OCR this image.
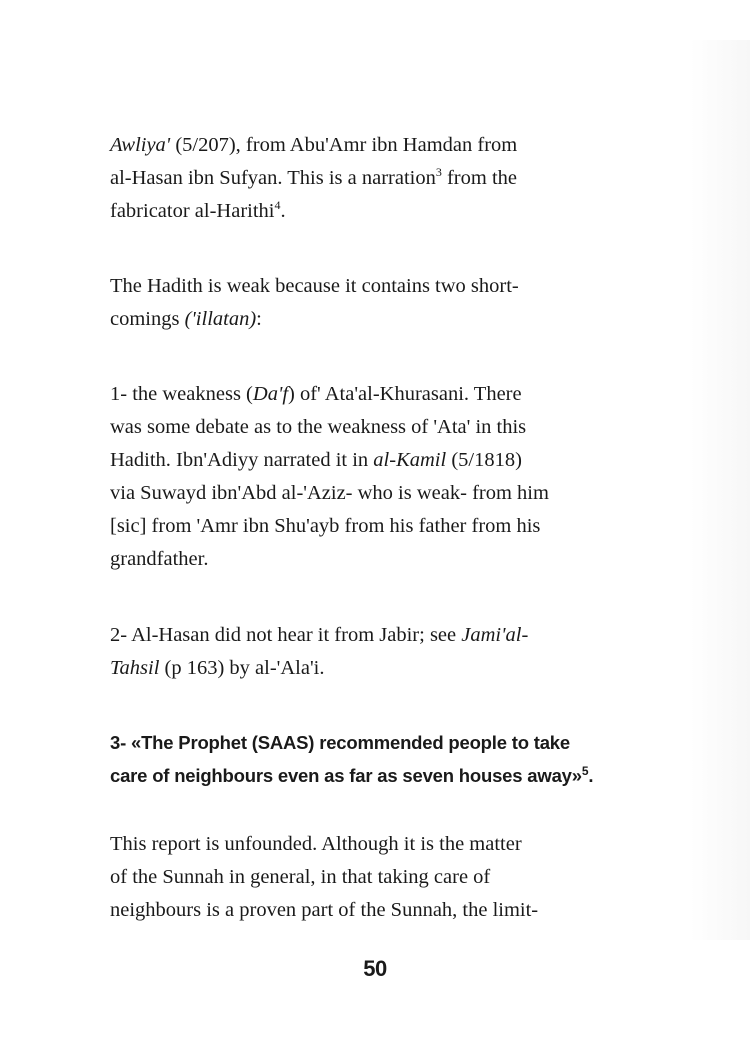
Awliya' (5/207), from Abu'Amr ibn Hamdan from
al-Hasan ibn Sufyan. This is a narration$^3$ from the
fabricator al-Harithi$^4$.
The Hadith is weak because it contains two short-
comings ('illatan):
1- the weakness (Da'f) of' Ata'al-Khurasani. There
was some debate as to the weakness of 'Ata' in this
Hadith. Ibn'Adiyy narrated it in al-Kamil (5/1818)
via Suwayd ibn'Abd al-'Aziz- who is weak- from him
[sic] from 'Amr ibn Shu'ayb from his father from his
grandfather.
2- Al-Hasan did not hear it from Jabir; see Jami'al-
Tahsil (p 163) by al-'Ala'i.
3- «The Prophet (SAAS) recommended people to take
care of neighbours even as far as seven houses away»$^5$.
This report is unfounded. Although it is the matter
of the Sunnah in general, in that taking care of
neighbours is a proven part of the Sunnah, the limit-
50
